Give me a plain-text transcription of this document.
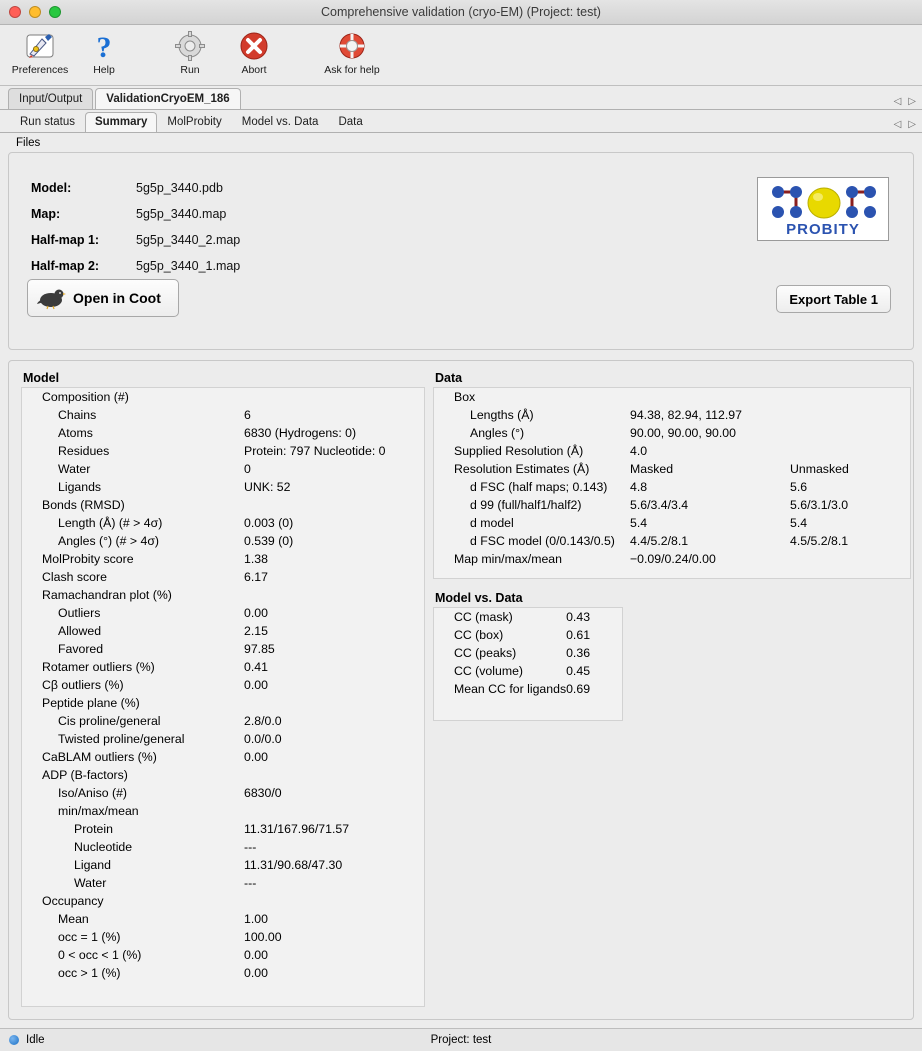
Comprehensive validation (cryo-EM) (Project: test)
Preferences
?
Help	Run	Abort	Ask for help
Input/Output	ValidationCryoEM_186	◁ ▷
Run status	Summary	MolProbity	Model vs. Data	Data	◁ ▷
Files
Model:	5g5p_3440.pdb
Map:	5g5p_3440.map
Half-map 1:	5g5p_3440_2.map
Half-map 2:	5g5p_3440_1.map
PROBITY
Open in Coot	Export Table 1
Model
Composition (#)	
Chains	6
Atoms	6830 (Hydrogens: 0)
Residues	Protein: 797 Nucleotide: 0
Water	0
Ligands	UNK: 52
Bonds (RMSD)	
Length (Å) (# > 4σ)	0.003 (0)
Angles (°) (# > 4σ)	0.539 (0)
MolProbity score	1.38
Clash score	6.17
Ramachandran plot (%)	
Outliers	0.00
Allowed	2.15
Favored	97.85
Rotamer outliers (%)	0.41
Cβ outliers (%)	0.00
Peptide plane (%)	
Cis proline/general	2.8/0.0
Twisted proline/general	0.0/0.0
CaBLAM outliers (%)	0.00
ADP (B-factors)	
Iso/Aniso (#)	6830/0
min/max/mean	
Protein	11.31/167.96/71.57
Nucleotide	---
Ligand	11.31/90.68/47.30
Water	---
Occupancy	
Mean	1.00
occ = 1 (%)	100.00
0 < occ < 1 (%)	0.00
occ > 1 (%)	0.00
Data
Box		
Lengths (Å)	94.38, 82.94, 112.97	
Angles (°)	90.00, 90.00, 90.00	
Supplied Resolution (Å)	4.0	
Resolution Estimates (Å)	Masked	Unmasked
d FSC (half maps; 0.143)	4.8	5.6
d 99 (full/half1/half2)	5.6/3.4/3.4	5.6/3.1/3.0
d model	5.4	5.4
d FSC model (0/0.143/0.5)	4.4/5.2/8.1	4.5/5.2/8.1
Map min/max/mean	−0.09/0.24/0.00	
Model vs. Data
CC (mask)	0.43
CC (box)	0.61
CC (peaks)	0.36
CC (volume)	0.45
Mean CC for ligands	0.69
Idle	Project: test
